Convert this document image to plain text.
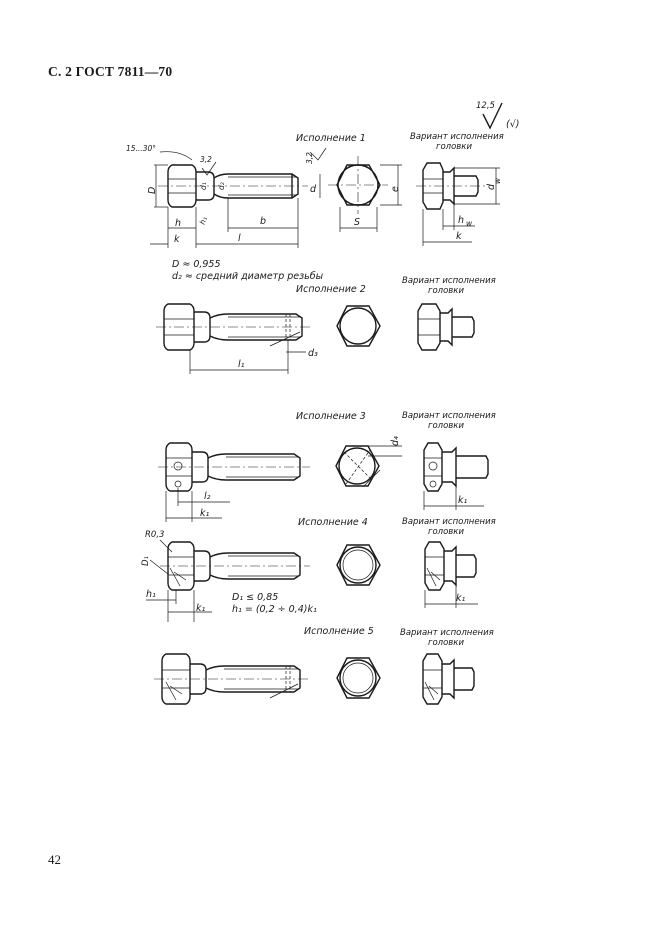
С. 2 ГОСТ 7811—70
12,5
(√)
Исполнение 1	Вариант исполнения
головки
15...30°
3,2
D
d₁ d₂	d
3,2
h h₁	b
k	l
e
S
d
w
h w
k
D ≈ 0,955
d₂ ≈ средний диаметр резьбы
Исполнение 2
Вариант исполнения
головки
l₁
d₃
Исполнение 3	Вариант исполнения
головки
l₂
k₁
d₄
k₁
Исполнение 4	Вариант исполнения
головки
R0,3
D₁
h₁
k₁
k₁
D₁ ≤ 0,85
h₁ = (0,2 ÷ 0,4)k₁
Исполнение 5	Вариант исполнения
головки
42
